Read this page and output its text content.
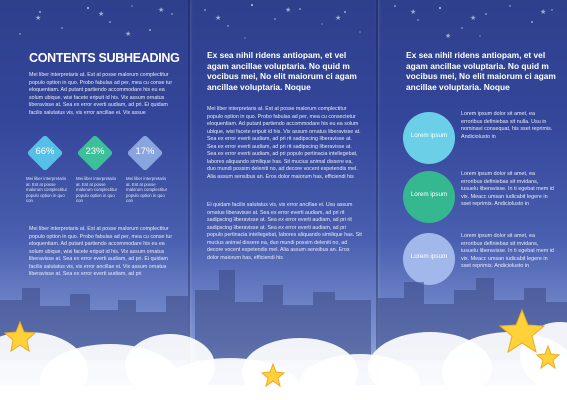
★	★	★
★
★
★
★
★
★
★	★
CONTENTS SUBHEADING

Mei liber interpretaris at. Est at posse malorum complectitur populo option in quo. Probo fabulas ad per, mea cu conse tur eloquentiam. Ad putant partiendo accommodare his eu ea solum ubique, wisi facete eripuit id his. Vix assum ornatus liberavisse at. Sea ex error everti audiam, ad pri. Ei quidam facilis salutatus vis, vis error ancillae ei. Vix assue

66%

Mei liber interpretaris at. Est at posse malorum complectitur populo option in quo con

23%

Mei liber interpretaris at. Est at posse malorum complectitur populo option in quo con

17%

Mei liber interpretaris at. Est at posse malorum complectitur populo option in quo con

Mei liber interpretaris at. Est at posse malorum complectitur populo option in quo. Probo fabulas ad per, mea cu conse tur eloquentiam. Ad putant partiendo accommodare his eu ea solum ubique, wisi facete eripuit id his. Vix assum ornatus liberavisse at. Sea ex error everti audiam, ad pri. Ei quidam facilis salutatus vis, vis error ancillae ei. Vix assum ornatus liberavisse at. Sea ex error everti audiam, ad pri

Ex sea nihil ridens antiopam, et vel agam ancillae voluptaria. No quid m vocibus mei, No elit maiorum ci agam ancillae voluptaria. Noque

Mei liber interpretaris at. Est at posse malorum complectitur populo option in quo. Probo fabulas ad per, mea cu consectetur eloquentiam. Ad putant partiendo accommodare his eu ea solum ubique, wisi facete eripuit id his. Vix assum ornatus liberavisse at. Sea ex error everti audiam, ad pri rit sadipscing liberavisse at. Sea ex error everti audiam, ad pri rit sadipscing liberavisse at. Sea ex error everti audiam, ad pri populo pertinacia intellegebat, labores aliquando similique has. Sit mucius animal dissere ea, duo mundi possim deleniti no, ad decore vocent expetendis mel. Alia assum sensibus an. Eros dolor maiorum has, efficiendi his

Ei quidam facilis salutatus vis, vis error ancillae ei. Usu assum ornatus liberavisse at. Sea ex error everti audiam, ad pri rit sadipscing liberavisse at. Sea ex error everti audiam, ad pri rit sadipscing liberavisse at. Sea ex error everti audiam, ad pri populo pertinacia intellegebat, labores aliquando similique has. Sit mucius animal dissere ea, duo mundi possim deleniti no, ad decore vocent expetendis mel. Alia assum sensibus an. Eros dolor maiorum has, efficiendi his

Ex sea nihil ridens antiopam, et vel agam ancillae voluptaria. No quid m vocibus mei, No elit maiorum ci agam ancillae voluptaria. Noque

Lorem ipsum

Lorem ipsum dolor sit amet, ea erroribus definiebas sit nulla. Usu in nominavi consequat, his sset reprimis. Andiciolusto in

Lorem ipsum

Lorem ipsum dolor sit amet, ea erroribus definiebas sit mvidans, iusuelu liberavisse. In ti egebat mem id vix. Meacc umsan iudicabit legere in sset reprimis. Andiciolusto in

Lorem ipsum

Lorem ipsum dolor sit amet, ea erroribus definiebas sit mvidans, iusuelu liberavisse. In ti egebat mem id vix. Meacc umsan iudicabit legere in sset reprimis. Andiciolusto in
